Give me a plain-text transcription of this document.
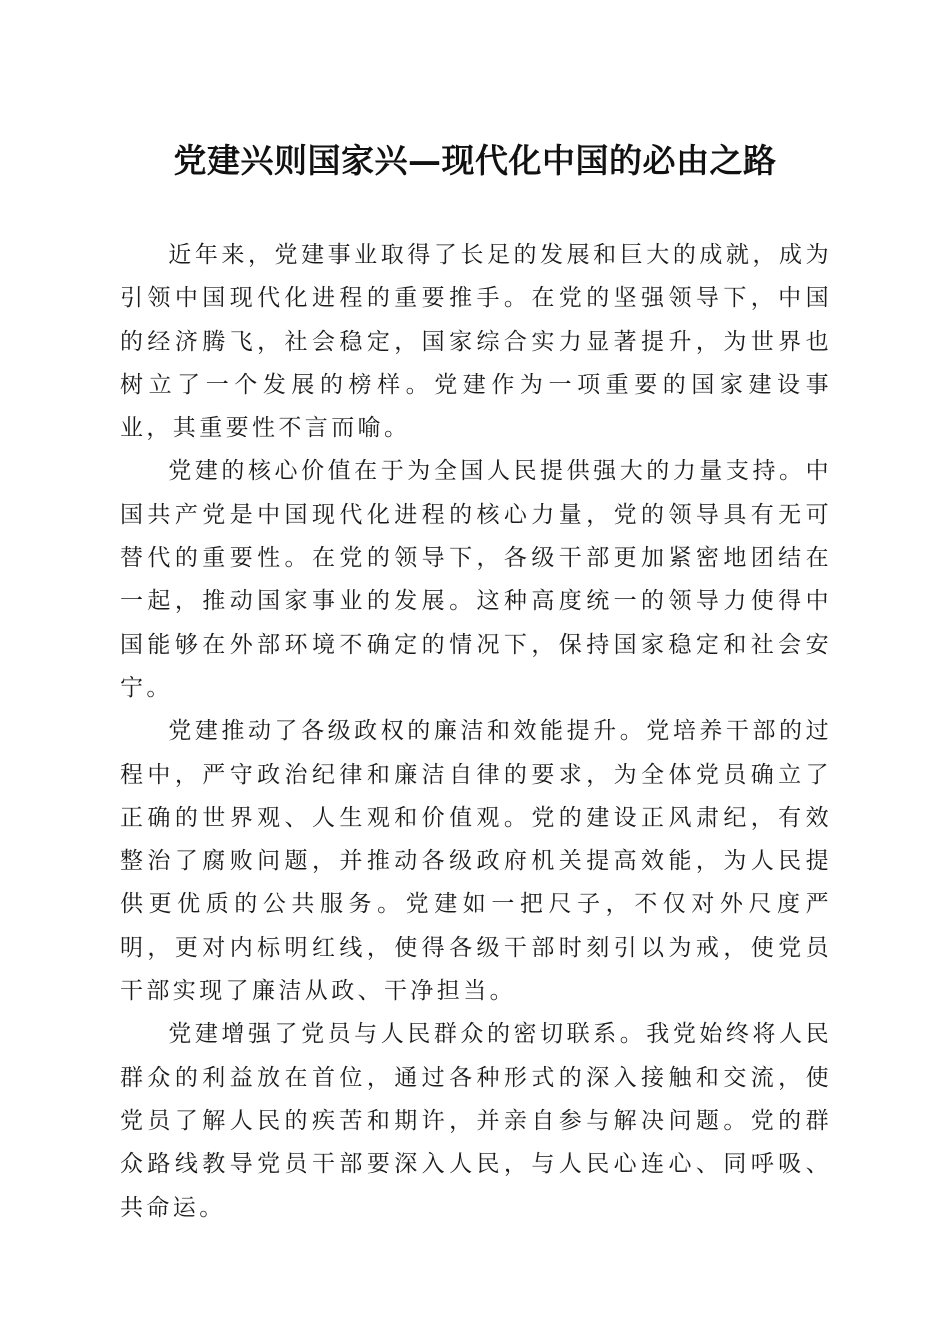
党建兴则国家兴—现代化中国的必由之路

近年来，党建事业取得了长足的发展和巨大的成就，成为引领中国现代化进程的重要推手。在党的坚强领导下，中国的经济腾飞，社会稳定，国家综合实力显著提升，为世界也树立了一个发展的榜样。党建作为一项重要的国家建设事业，其重要性不言而喻。

党建的核心价值在于为全国人民提供强大的力量支持。中国共产党是中国现代化进程的核心力量，党的领导具有无可替代的重要性。在党的领导下，各级干部更加紧密地团结在一起，推动国家事业的发展。这种高度统一的领导力使得中国能够在外部环境不确定的情况下，保持国家稳定和社会安宁。

党建推动了各级政权的廉洁和效能提升。党培养干部的过程中，严守政治纪律和廉洁自律的要求，为全体党员确立了正确的世界观、人生观和价值观。党的建设正风肃纪，有效整治了腐败问题，并推动各级政府机关提高效能，为人民提供更优质的公共服务。党建如一把尺子，不仅对外尺度严明，更对内标明红线，使得各级干部时刻引以为戒，使党员干部实现了廉洁从政、干净担当。

党建增强了党员与人民群众的密切联系。我党始终将人民群众的利益放在首位，通过各种形式的深入接触和交流，使党员了解人民的疾苦和期许，并亲自参与解决问题。党的群众路线教导党员干部要深入人民，与人民心连心、同呼吸、共命运。
